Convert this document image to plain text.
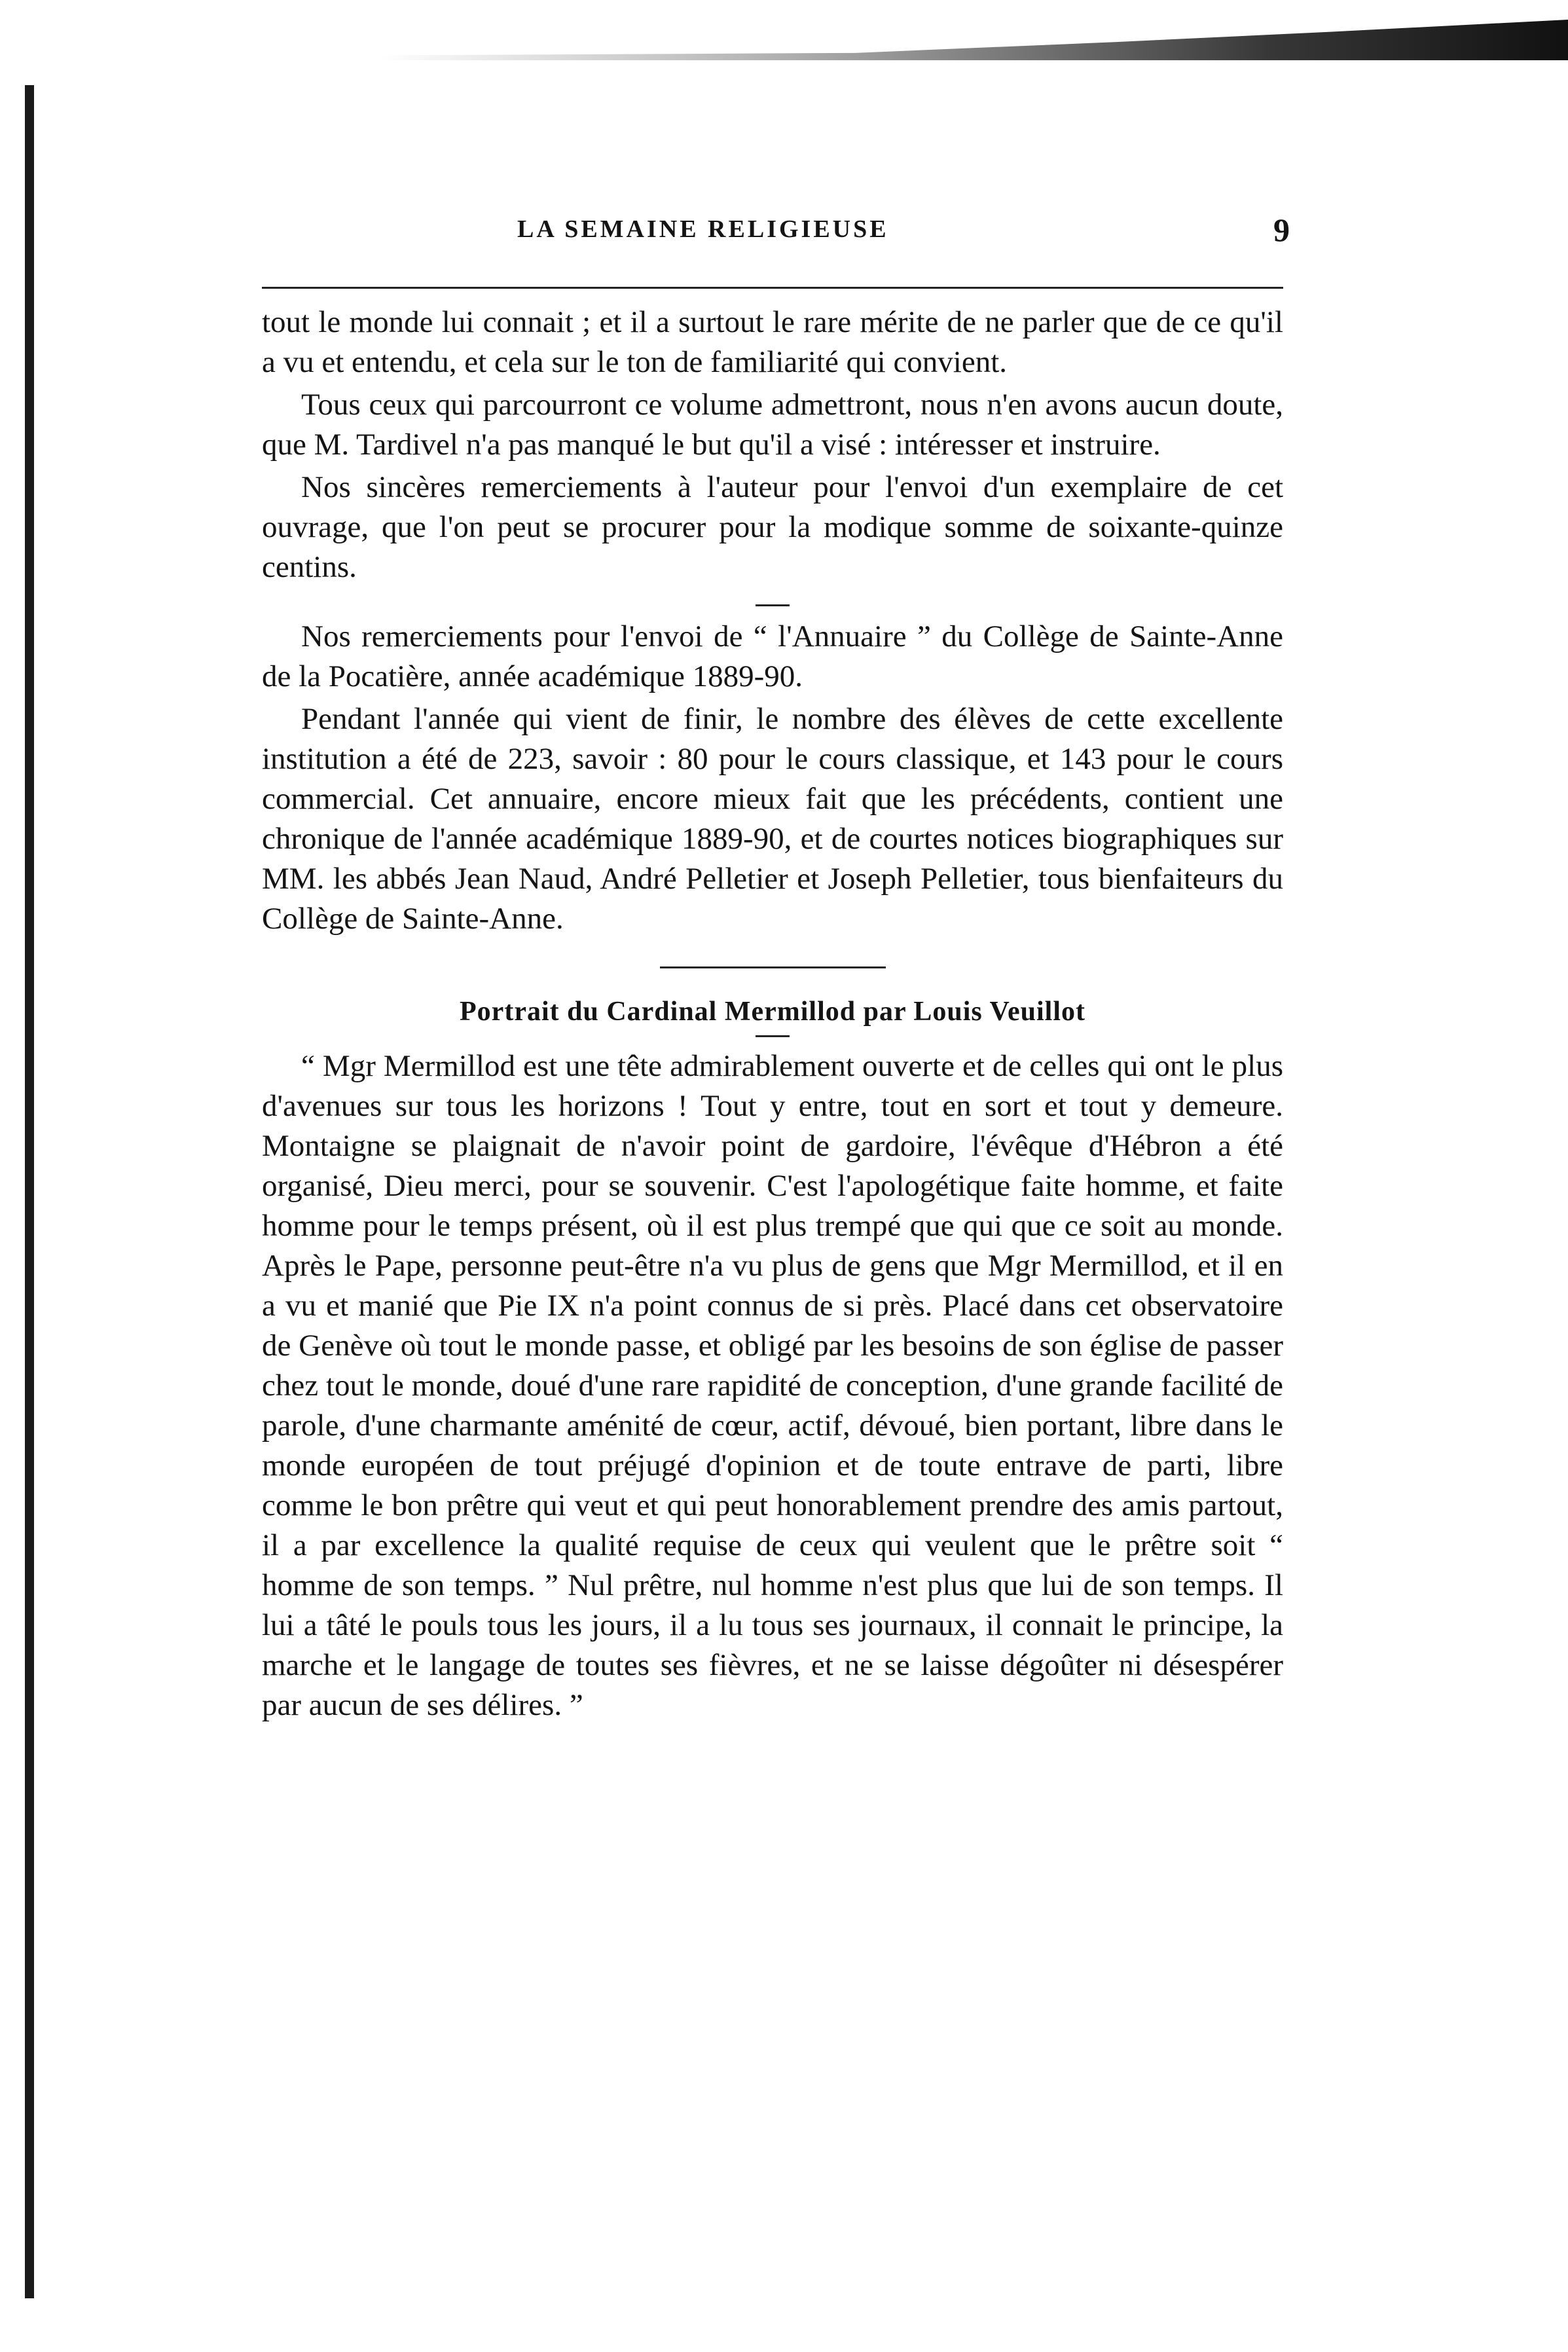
LA SEMAINE RELIGIEUSE	9

tout le monde lui connait ; et il a surtout le rare mérite de ne parler que de ce qu'il a vu et entendu, et cela sur le ton de familiarité qui convient.

Tous ceux qui parcourront ce volume admettront, nous n'en avons aucun doute, que M. Tardivel n'a pas manqué le but qu'il a visé : intéresser et instruire.

Nos sincères remerciements à l'auteur pour l'envoi d'un exemplaire de cet ouvrage, que l'on peut se procurer pour la modique somme de soixante-quinze centins.

Nos remerciements pour l'envoi de “ l'Annuaire ” du Collège de Sainte-Anne de la Pocatière, année académique 1889-90.

Pendant l'année qui vient de finir, le nombre des élèves de cette excellente institution a été de 223, savoir : 80 pour le cours classique, et 143 pour le cours commercial. Cet annuaire, encore mieux fait que les précédents, contient une chronique de l'année académique 1889-90, et de courtes notices biographiques sur MM. les abbés Jean Naud, André Pelletier et Joseph Pelletier, tous bienfaiteurs du Collège de Sainte-Anne.

Portrait du Cardinal Mermillod par Louis Veuillot

“ Mgr Mermillod est une tête admirablement ouverte et de celles qui ont le plus d'avenues sur tous les horizons ! Tout y entre, tout en sort et tout y demeure. Montaigne se plaignait de n'avoir point de gardoire, l'évêque d'Hébron a été organisé, Dieu merci, pour se souvenir. C'est l'apologétique faite homme, et faite homme pour le temps présent, où il est plus trempé que qui que ce soit au monde. Après le Pape, personne peut-être n'a vu plus de gens que Mgr Mermillod, et il en a vu et manié que Pie IX n'a point connus de si près. Placé dans cet observatoire de Genève où tout le monde passe, et obligé par les besoins de son église de passer chez tout le monde, doué d'une rare rapidité de conception, d'une grande facilité de parole, d'une charmante aménité de cœur, actif, dévoué, bien portant, libre dans le monde européen de tout préjugé d'opinion et de toute entrave de parti, libre comme le bon prêtre qui veut et qui peut honorablement prendre des amis partout, il a par excellence la qualité requise de ceux qui veulent que le prêtre soit “ homme de son temps. ” Nul prêtre, nul homme n'est plus que lui de son temps. Il lui a tâté le pouls tous les jours, il a lu tous ses journaux, il connait le principe, la marche et le langage de toutes ses fièvres, et ne se laisse dégoûter ni désespérer par aucun de ses délires. ”
